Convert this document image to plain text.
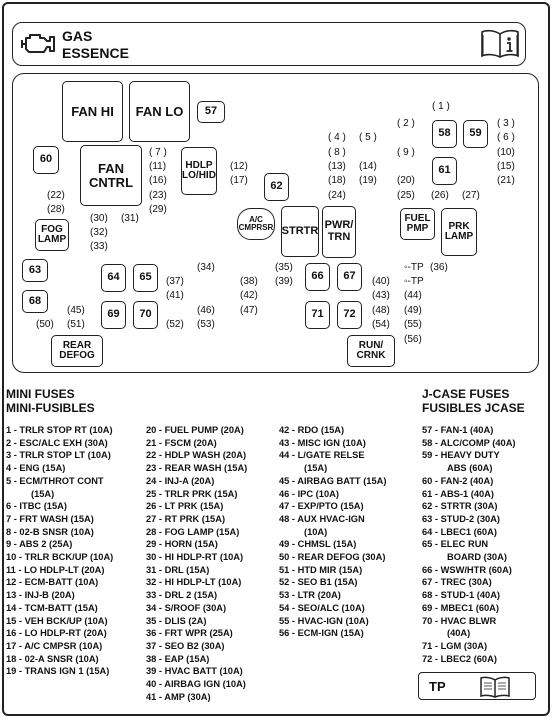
GAS
ESSENCE
FAN HI FAN LO 57
60
FAN
CNTRL
HDLP
LO/HID
62
58 59
61
FOG
LAMP
A/C
CMPRSR STRTR PWR/
TRN
FUEL
PMP PRK
LAMP
63
68
64 65
69 70
66 67
71 72
REAR
DEFOG
RUN/
CRNK
( 1 )
( 2 )	( 3 )
( 4 ) ( 5 )	( 6 )
( 7 )	( 8 )	( 9 )	(10)
(11)	(12)	(13) (14)	(15)
(16)	(17)	(18) (19) (20)	(21)
(22)	(23)	(24)	(25) (26) (27)
(28)	(29)
(30) (31)
(32)
(33)
(34)	(35)	(36)
(37)	(38) (39)	(40)
(41)	(42)	(43) (44)
(45)	(46)	(47)	(48) (49)
(50) (51)	(52) (53)	(54) (55)
(56)
◦-TP
◦-TP
MINI FUSES
MINI-FUSIBLES
J-CASE FUSES
FUSIBLES JCASE
1 - TRLR STOP RT (10A)
2 - ESC/ALC EXH (30A)
3 - TRLR STOP LT (10A)
4 - ENG (15A)
5 - ECM/THROT CONT
(15A)
6 - ITBC (15A)
7 - FRT WASH (15A)
8 - 02-B SNSR (10A)
9 - ABS 2 (25A)
10 - TRLR BCK/UP (10A)
11 - LO HDLP-LT (20A)
12 - ECM-BATT (10A)
13 - INJ-B (20A)
14 - TCM-BATT (15A)
15 - VEH BCK/UP (10A)
16 - LO HDLP-RT (20A)
17 - A/C CMPSR (10A)
18 - 02-A SNSR (10A)
19 - TRANS IGN 1 (15A)
20 - FUEL PUMP (20A)
21 - FSCM (20A)
22 - HDLP WASH (20A)
23 - REAR WASH (15A)
24 - INJ-A (20A)
25 - TRLR PRK (15A)
26 - LT PRK (15A)
27 - RT PRK (15A)
28 - FOG LAMP (15A)
29 - HORN (15A)
30 - HI HDLP-RT (10A)
31 - DRL (15A)
32 - HI HDLP-LT (10A)
33 - DRL 2 (15A)
34 - S/ROOF (30A)
35 - DLIS (2A)
36 - FRT WPR (25A)
37 - SEO B2 (30A)
38 - EAP (15A)
39 - HVAC BATT (10A)
40 - AIRBAG IGN (10A)
41 - AMP (30A)
42 - RDO (15A)
43 - MISC IGN (10A)
44 - L/GATE RELSE
(15A)
45 - AIRBAG BATT (15A)
46 - IPC (10A)
47 - EXP/PTO (15A)
48 - AUX HVAC-IGN
(10A)
49 - CHMSL (15A)
50 - REAR DEFOG (30A)
51 - HTD MIR (15A)
52 - SEO B1 (15A)
53 - LTR (20A)
54 - SEO/ALC (10A)
55 - HVAC-IGN (10A)
56 - ECM-IGN (15A)
57 - FAN-1 (40A)
58 - ALC/COMP (40A)
59 - HEAVY DUTY
ABS (60A)
60 - FAN-2 (40A)
61 - ABS-1 (40A)
62 - STRTR (30A)
63 - STUD-2 (30A)
64 - LBEC1 (60A)
65 - ELEC RUN
BOARD (30A)
66 - WSW/HTR (60A)
67 - TREC (30A)
68 - STUD-1 (40A)
69 - MBEC1 (60A)
70 - HVAC BLWR
(40A)
71 - LGM (30A)
72 - LBEC2 (60A)
TP
